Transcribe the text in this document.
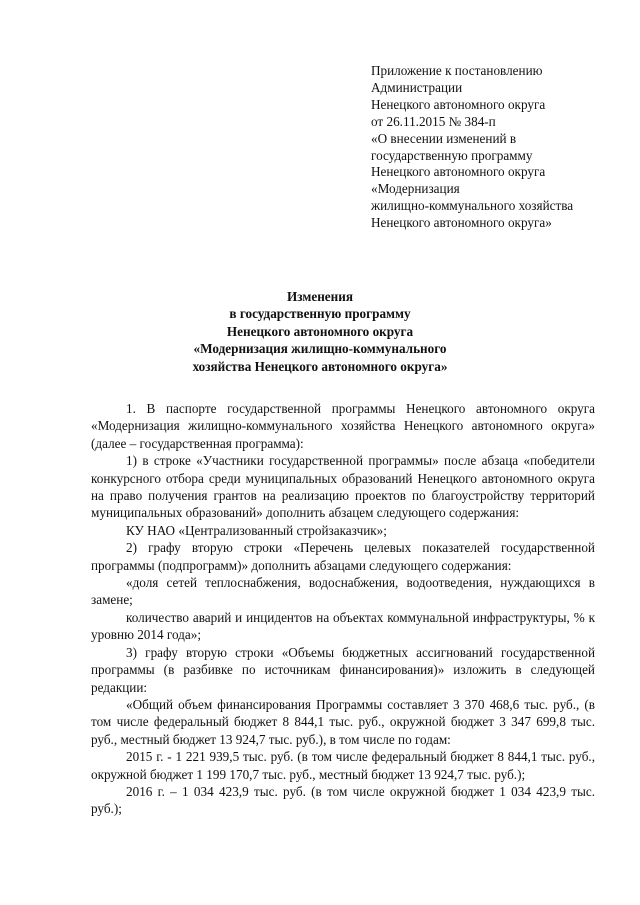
Приложение к постановлению
Администрации
Ненецкого автономного округа
от 26.11.2015 № 384-п
«О внесении изменений в
государственную программу
Ненецкого автономного округа
«Модернизация
жилищно-коммунального хозяйства
Ненецкого автономного округа»
Изменения
в государственную программу
Ненецкого автономного округа
«Модернизация жилищно-коммунального
хозяйства Ненецкого автономного округа»

1. В паспорте государственной программы Ненецкого автономного округа «Модернизация жилищно-коммунального хозяйства Ненецкого автономного округа» (далее – государственная программа):

1) в строке «Участники государственной программы» после абзаца «победители конкурсного отбора среди муниципальных образований Ненецкого автономного округа на право получения грантов на реализацию проектов по благоустройству территорий муниципальных образований» дополнить абзацем следующего содержания:

КУ НАО «Централизованный стройзаказчик»;

2) графу вторую строки «Перечень целевых показателей государственной программы (подпрограмм)» дополнить абзацами следующего содержания:

«доля сетей теплоснабжения, водоснабжения, водоотведения, нуждающихся в замене;

количество аварий и инцидентов на объектах коммунальной инфраструктуры, % к уровню 2014 года»;

3) графу вторую строки «Объемы бюджетных ассигнований государственной программы (в разбивке по источникам финансирования)» изложить в следующей редакции:

«Общий объем финансирования Программы составляет 3 370 468,6 тыс. руб., (в том числе федеральный бюджет 8 844,1 тыс. руб., окружной бюджет 3 347 699,8 тыс. руб., местный бюджет 13 924,7 тыс. руб.), в том числе по годам:

2015 г. - 1 221 939,5 тыс. руб. (в том числе федеральный бюджет 8 844,1 тыс. руб., окружной бюджет 1 199 170,7 тыс. руб., местный бюджет 13 924,7 тыс. руб.);

2016 г. – 1 034 423,9 тыс. руб. (в том числе окружной бюджет 1 034 423,9 тыс. руб.);
